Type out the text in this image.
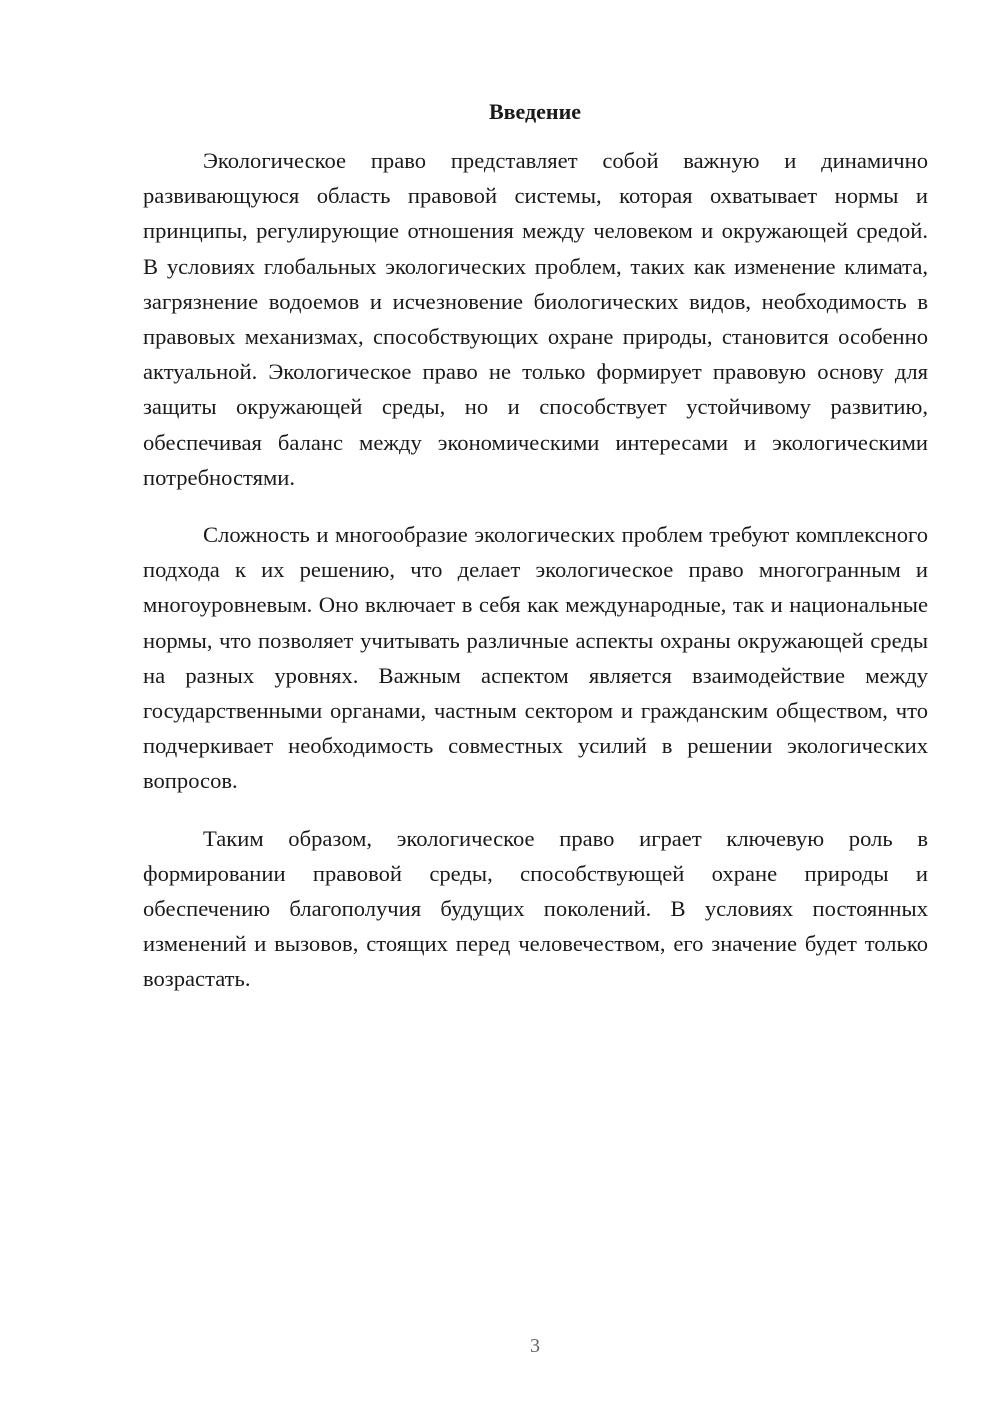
Введение

Экологическое право представляет собой важную и динамично развивающуюся область правовой системы, которая охватывает нормы и принципы, регулирующие отношения между человеком и окружающей средой. В условиях глобальных экологических проблем, таких как изменение климата, загрязнение водоемов и исчезновение биологических видов, необходимость в правовых механизмах, способствующих охране природы, становится особенно актуальной. Экологическое право не только формирует правовую основу для защиты окружающей среды, но и способствует устойчивому развитию, обеспечивая баланс между экономическими интересами и экологическими потребностями.

Сложность и многообразие экологических проблем требуют комплексного подхода к их решению, что делает экологическое право многогранным и многоуровневым. Оно включает в себя как международные, так и национальные нормы, что позволяет учитывать различные аспекты охраны окружающей среды на разных уровнях. Важным аспектом является взаимодействие между государственными органами, частным сектором и гражданским обществом, что подчеркивает необходимость совместных усилий в решении экологических вопросов.

Таким образом, экологическое право играет ключевую роль в формировании правовой среды, способствующей охране природы и обеспечению благополучия будущих поколений. В условиях постоянных изменений и вызовов, стоящих перед человечеством, его значение будет только возрастать.

3
